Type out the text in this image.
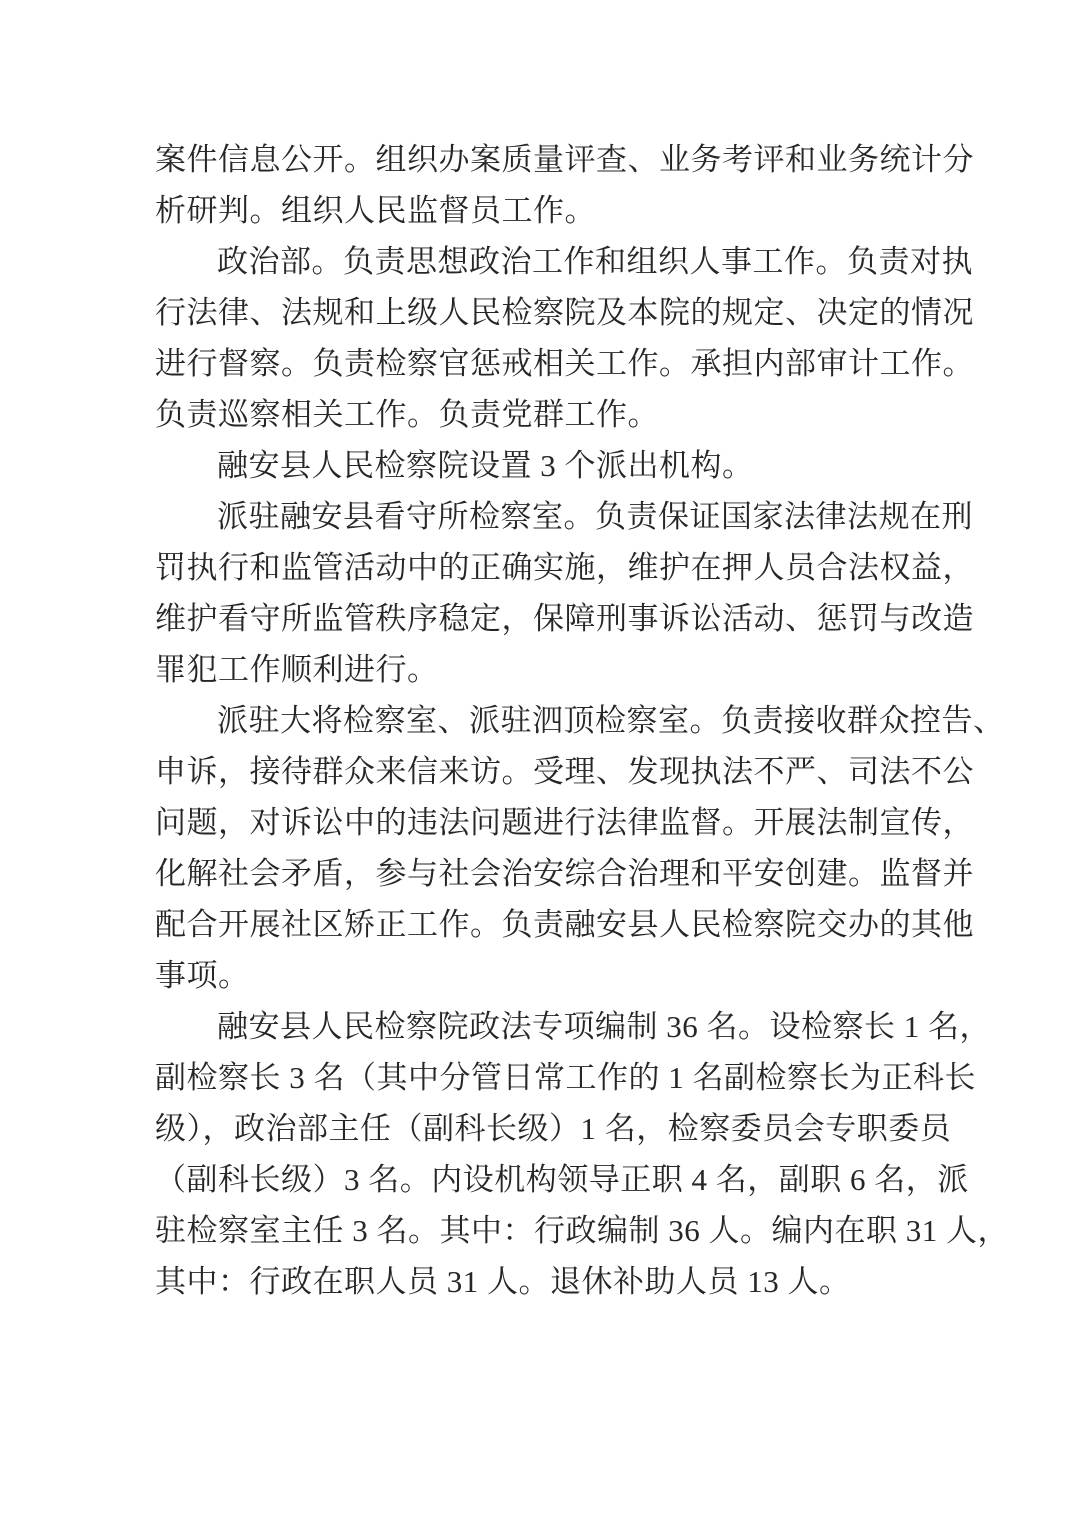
案件信息公开。组织办案质量评查、业务考评和业务统计分
析研判。组织人民监督员工作。
政治部。负责思想政治工作和组织人事工作。负责对执
行法律、法规和上级人民检察院及本院的规定、决定的情况
进行督察。负责检察官惩戒相关工作。承担内部审计工作。
负责巡察相关工作。负责党群工作。
融安县人民检察院设置 3 个派出机构。
派驻融安县看守所检察室。负责保证国家法律法规在刑
罚执行和监管活动中的正确实施，维护在押人员合法权益，
维护看守所监管秩序稳定，保障刑事诉讼活动、惩罚与改造
罪犯工作顺利进行。
派驻大将检察室、派驻泗顶检察室。负责接收群众控告、
申诉，接待群众来信来访。受理、发现执法不严、司法不公
问题，对诉讼中的违法问题进行法律监督。开展法制宣传，
化解社会矛盾，参与社会治安综合治理和平安创建。监督并
配合开展社区矫正工作。负责融安县人民检察院交办的其他
事项。
融安县人民检察院政法专项编制 36 名。设检察长 1 名，
副检察长 3 名（其中分管日常工作的 1 名副检察长为正科长
级），政治部主任（副科长级）1 名，检察委员会专职委员
（副科长级）3 名。内设机构领导正职 4 名，副职 6 名，派
驻检察室主任 3 名。其中：行政编制 36 人。编内在职 31 人，
其中：行政在职人员 31 人。退休补助人员 13 人。
